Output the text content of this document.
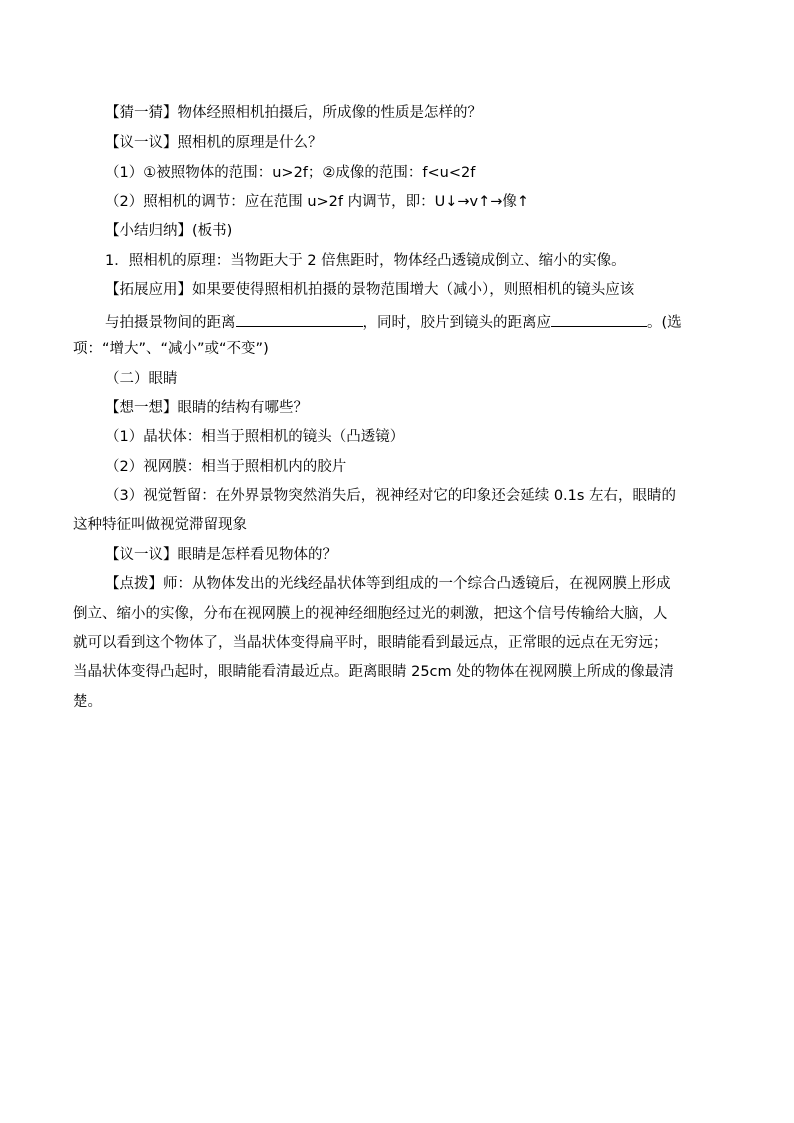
【猜一猜】物体经照相机拍摄后，所成像的性质是怎样的？
【议一议】照相机的原理是什么？
（1）①被照物体的范围：u>2f；②成像的范围：f<u<2f
（2）照相机的调节：应在范围 u>2f 内调节，即：U↓→v↑→像↑
【小结归纳】(板书)
1．照相机的原理：当物距大于 2 倍焦距时，物体经凸透镜成倒立、缩小的实像。
【拓展应用】如果要使得照相机拍摄的景物范围增大（减小），则照相机的镜头应该
与拍摄景物间的距离	，同时，胶片到镜头的距离应	。(选
项：“增大”、“减小”或“不变”)
（二）眼睛
【想一想】眼睛的结构有哪些？
（1）晶状体：相当于照相机的镜头（凸透镜）
（2）视网膜：相当于照相机内的胶片
（3）视觉暂留：在外界景物突然消失后，视神经对它的印象还会延续 0.1s 左右，眼睛的
这种特征叫做视觉滞留现象
【议一议】眼睛是怎样看见物体的？
【点拨】师：从物体发出的光线经晶状体等到组成的一个综合凸透镜后，在视网膜上形成
倒立、缩小的实像，分布在视网膜上的视神经细胞经过光的刺激，把这个信号传输给大脑，人
就可以看到这个物体了，当晶状体变得扁平时，眼睛能看到最远点，正常眼的远点在无穷远；
当晶状体变得凸起时，眼睛能看清最近点。距离眼睛 25cm 处的物体在视网膜上所成的像最清
楚。
